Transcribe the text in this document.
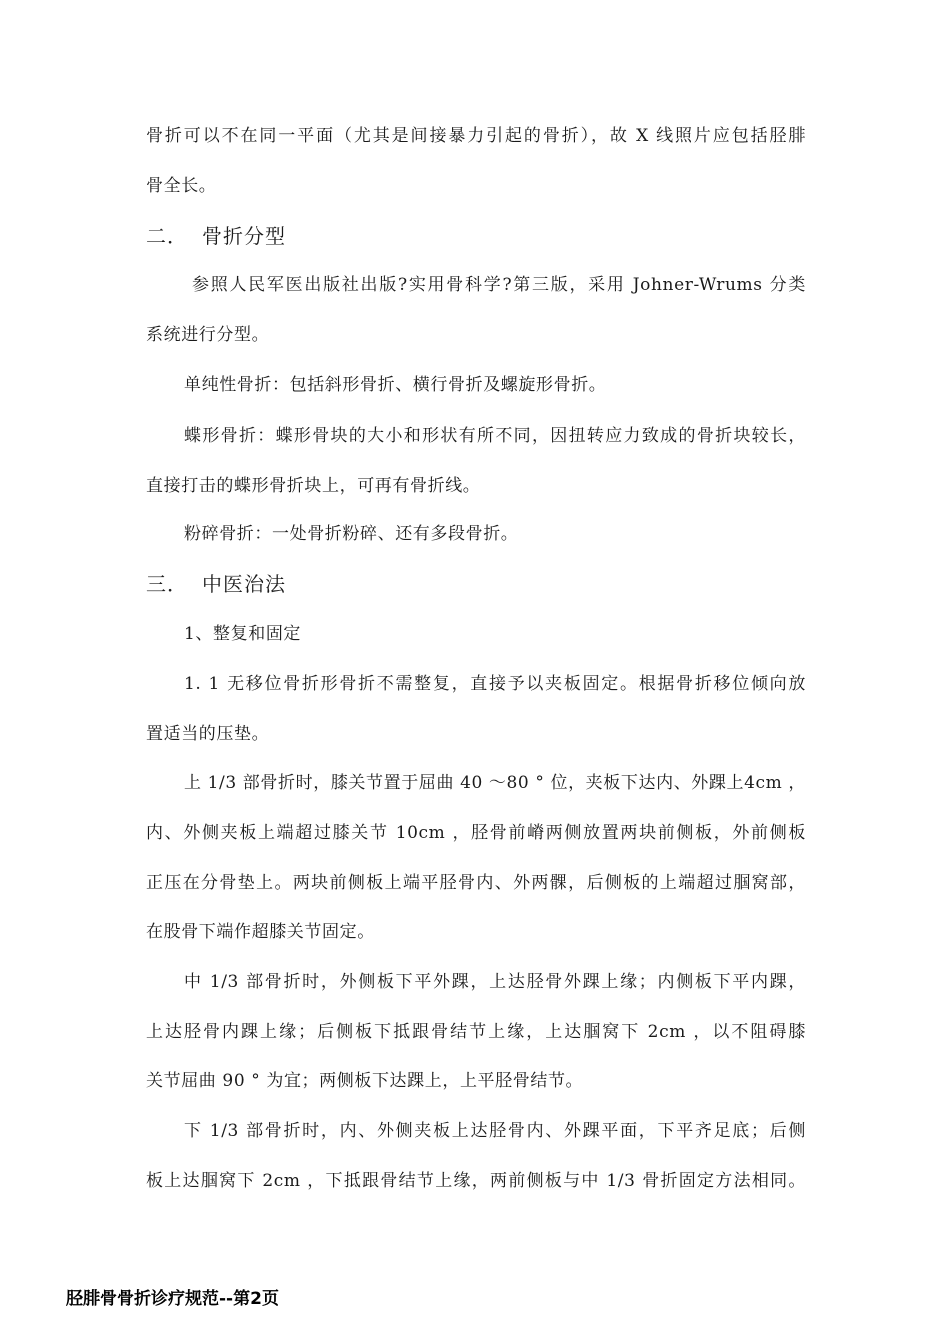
骨折可以不在同一平面（尤其是间接暴力引起的骨折），故 X 线照片应包括胫腓
骨全长。
二． 骨折分型
参照人民军医出版社出版?实用骨科学?第三版，采用 Johner-Wrums 分类
系统进行分型。
单纯性骨折：包括斜形骨折、横行骨折及螺旋形骨折。
蝶形骨折：蝶形骨块的大小和形状有所不同，因扭转应力致成的骨折块较长，
直接打击的蝶形骨折块上，可再有骨折线。
粉碎骨折：一处骨折粉碎、还有多段骨折。
三． 中医治法
1、整复和固定
1. 1 无移位骨折形骨折不需整复，直接予以夹板固定。根据骨折移位倾向放
置适当的压垫。
上 1/3 部骨折时，膝关节置于屈曲 40 ～80 ° 位，夹板下达内、外踝上4cm ，
内、外侧夹板上端超过膝关节 10cm ，胫骨前嵴两侧放置两块前侧板，外前侧板
正压在分骨垫上。两块前侧板上端平胫骨内、外两髁，后侧板的上端超过腘窝部，
在股骨下端作超膝关节固定。
中 1/3 部骨折时，外侧板下平外踝，上达胫骨外踝上缘；内侧板下平内踝，
上达胫骨内踝上缘；后侧板下抵跟骨结节上缘，上达腘窝下 2cm ，以不阻碍膝
关节屈曲 90 ° 为宜；两侧板下达踝上，上平胫骨结节。
下 1/3 部骨折时，内、外侧夹板上达胫骨内、外踝平面，下平齐足底；后侧
板上达腘窝下 2cm ，下抵跟骨结节上缘，两前侧板与中 1/3 骨折固定方法相同。
胫腓骨骨折诊疗规范--第2页
